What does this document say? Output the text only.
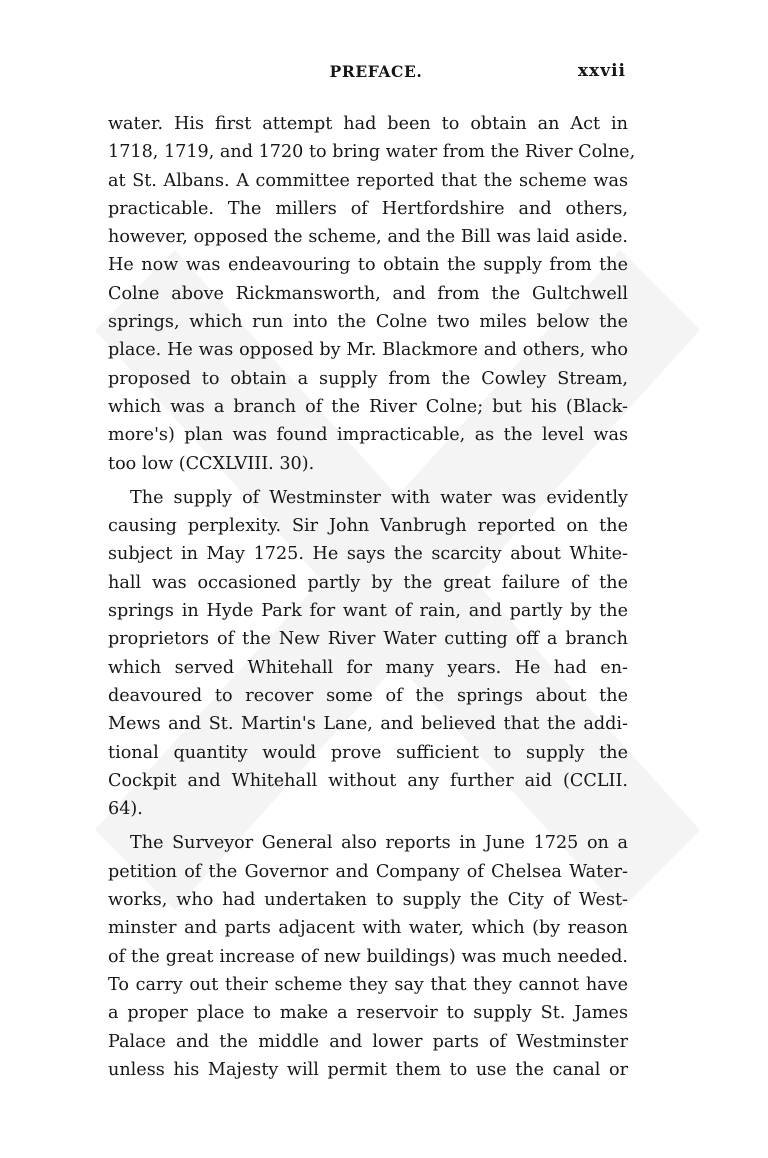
PREFACE.	xxvii

water. His first attempt had been to obtain an Act in
1718, 1719, and 1720 to bring water from the River Colne,
at St. Albans. A committee reported that the scheme was
practicable. The millers of Hertfordshire and others,
however, opposed the scheme, and the Bill was laid aside.
He now was endeavouring to obtain the supply from the
Colne above Rickmansworth, and from the Gultchwell
springs, which run into the Colne two miles below the
place. He was opposed by Mr. Blackmore and others, who
proposed to obtain a supply from the Cowley Stream,
which was a branch of the River Colne; but his (Black-
more's) plan was found impracticable, as the level was
too low (CCXLVIII. 30).

The supply of Westminster with water was evidently
causing perplexity. Sir John Vanbrugh reported on the
subject in May 1725. He says the scarcity about White-
hall was occasioned partly by the great failure of the
springs in Hyde Park for want of rain, and partly by the
proprietors of the New River Water cutting off a branch
which served Whitehall for many years. He had en-
deavoured to recover some of the springs about the
Mews and St. Martin's Lane, and believed that the addi-
tional quantity would prove sufficient to supply the
Cockpit and Whitehall without any further aid (CCLII.
64).

The Surveyor General also reports in June 1725 on a
petition of the Governor and Company of Chelsea Water-
works, who had undertaken to supply the City of West-
minster and parts adjacent with water, which (by reason
of the great increase of new buildings) was much needed.
To carry out their scheme they say that they cannot have
a proper place to make a reservoir to supply St. James
Palace and the middle and lower parts of Westminster
unless his Majesty will permit them to use the canal or
